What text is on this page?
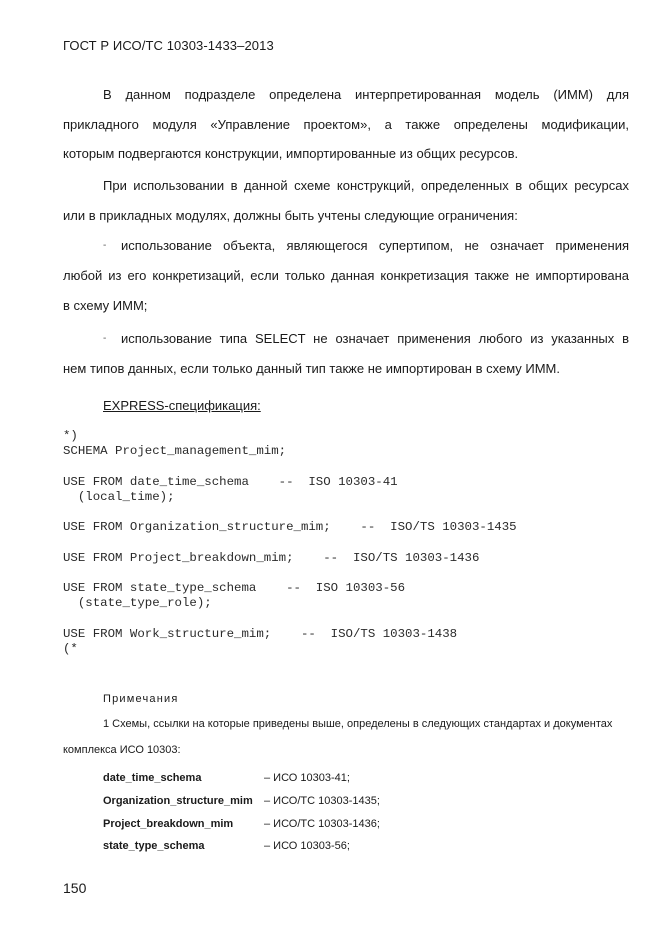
ГОСТ Р ИСО/ТС 10303-1433–2013
В данном подразделе определена интерпретированная модель (ИММ) для
прикладного модуля «Управление проектом», а также определены модификации,
которым подвергаются конструкции, импортированные из общих ресурсов.
При использовании в данной схеме конструкций, определенных в общих ресурсах
или в прикладных модулях, должны быть учтены следующие ограничения:
- использование объекта, являющегося супертипом, не означает применения
любой из его конкретизаций, если только данная конкретизация также не импортирована
в схему ИММ;
- использование типа SELECT не означает применения любого из указанных в
нем типов данных, если только данный тип также не импортирован в схему ИММ.
EXPRESS-спецификация:
*)
SCHEMA Project_management_mim;
USE FROM date_time_schema    --  ISO 10303-41
(local_time);
USE FROM Organization_structure_mim;    --  ISO/TS 10303-1435
USE FROM Project_breakdown_mim;    --  ISO/TS 10303-1436
USE FROM state_type_schema    --  ISO 10303-56
(state_type_role);
USE FROM Work_structure_mim;    --  ISO/TS 10303-1438
(*
Примечания
1 Схемы, ссылки на которые приведены выше, определены в следующих стандартах и документах
комплекса ИСО 10303:
date_time_schema	– ИСО 10303-41;
Organization_structure_mim – ИСО/ТС 10303-1435;
Project_breakdown_mim	– ИСО/ТС 10303-1436;
state_type_schema	– ИСО 10303-56;
150
